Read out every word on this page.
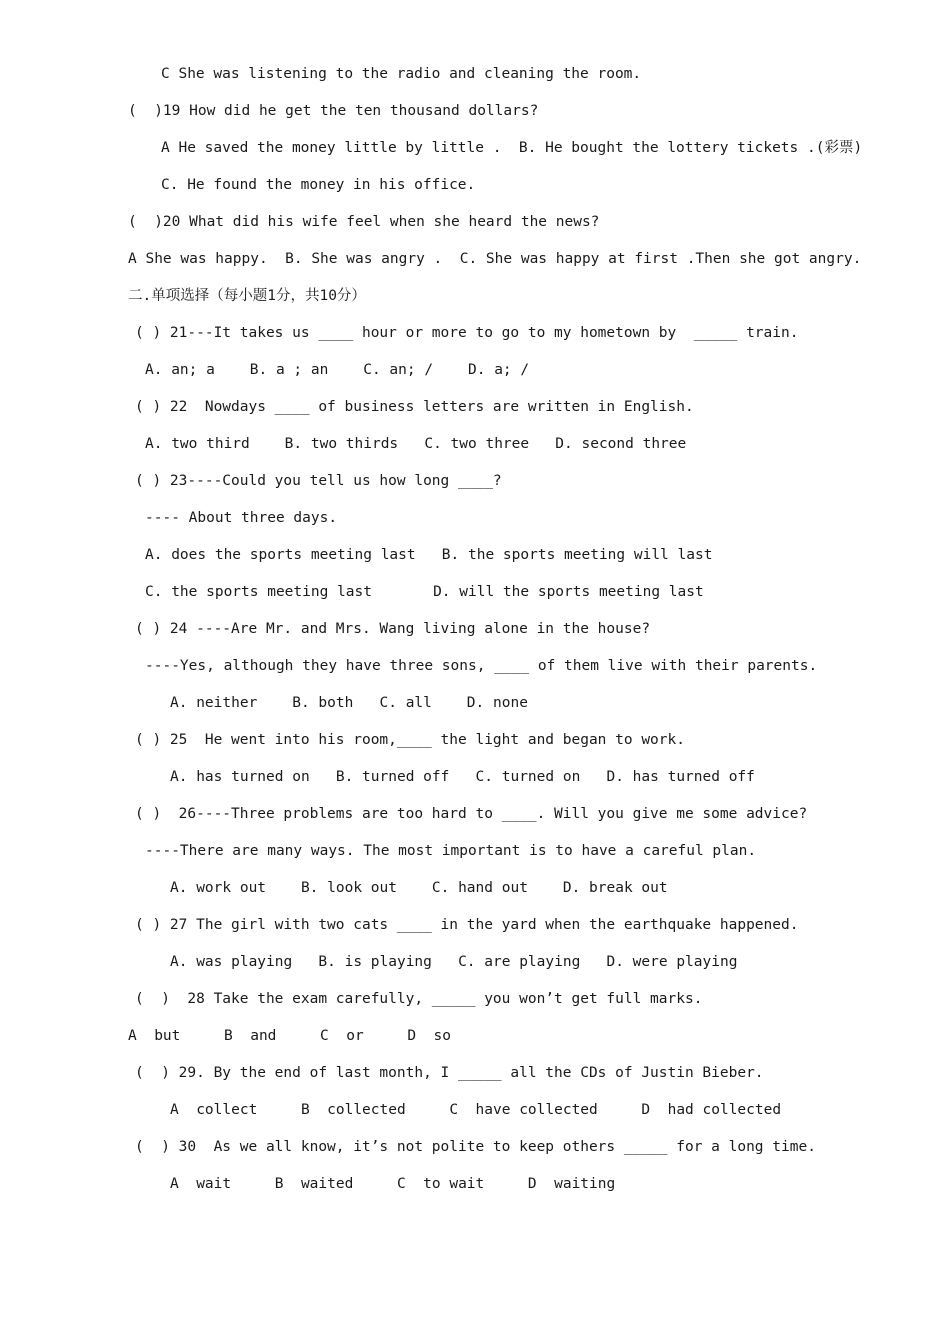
C She was listening to the radio and cleaning the room.
(  )19 How did he get the ten thousand dollars?
A He saved the money little by little .  B. He bought the lottery tickets .(彩票)
C. He found the money in his office.
(  )20 What did his wife feel when she heard the news?
A She was happy.  B. She was angry .  C. She was happy at first .Then she got angry.
二.单项选择（每小题1分，共10分）
( ) 21---It takes us ____ hour or more to go to my hometown by  _____ train.
A. an; a    B. a ; an    C. an; /    D. a; /
( ) 22  Nowdays ____ of business letters are written in English.
A. two third    B. two thirds   C. two three   D. second three
( ) 23----Could you tell us how long ____?
---- About three days.
A. does the sports meeting last   B. the sports meeting will last
C. the sports meeting last       D. will the sports meeting last
( ) 24 ----Are Mr. and Mrs. Wang living alone in the house?
----Yes, although they have three sons, ____ of them live with their parents.
A. neither    B. both   C. all    D. none
( ) 25  He went into his room,____ the light and began to work.
A. has turned on   B. turned off   C. turned on   D. has turned off
( )  26----Three problems are too hard to ____. Will you give me some advice?
----There are many ways. The most important is to have a careful plan.
A. work out    B. look out    C. hand out    D. break out
( ) 27 The girl with two cats ____ in the yard when the earthquake happened.
A. was playing   B. is playing   C. are playing   D. were playing
(  )  28 Take the exam carefully, _____ you won’t get full marks.
A  but     B  and     C  or     D  so
(  ) 29. By the end of last month, I _____ all the CDs of Justin Bieber.
A  collect     B  collected     C  have collected     D  had collected
(  ) 30  As we all know, it’s not polite to keep others _____ for a long time.
A  wait     B  waited     C  to wait     D  waiting
